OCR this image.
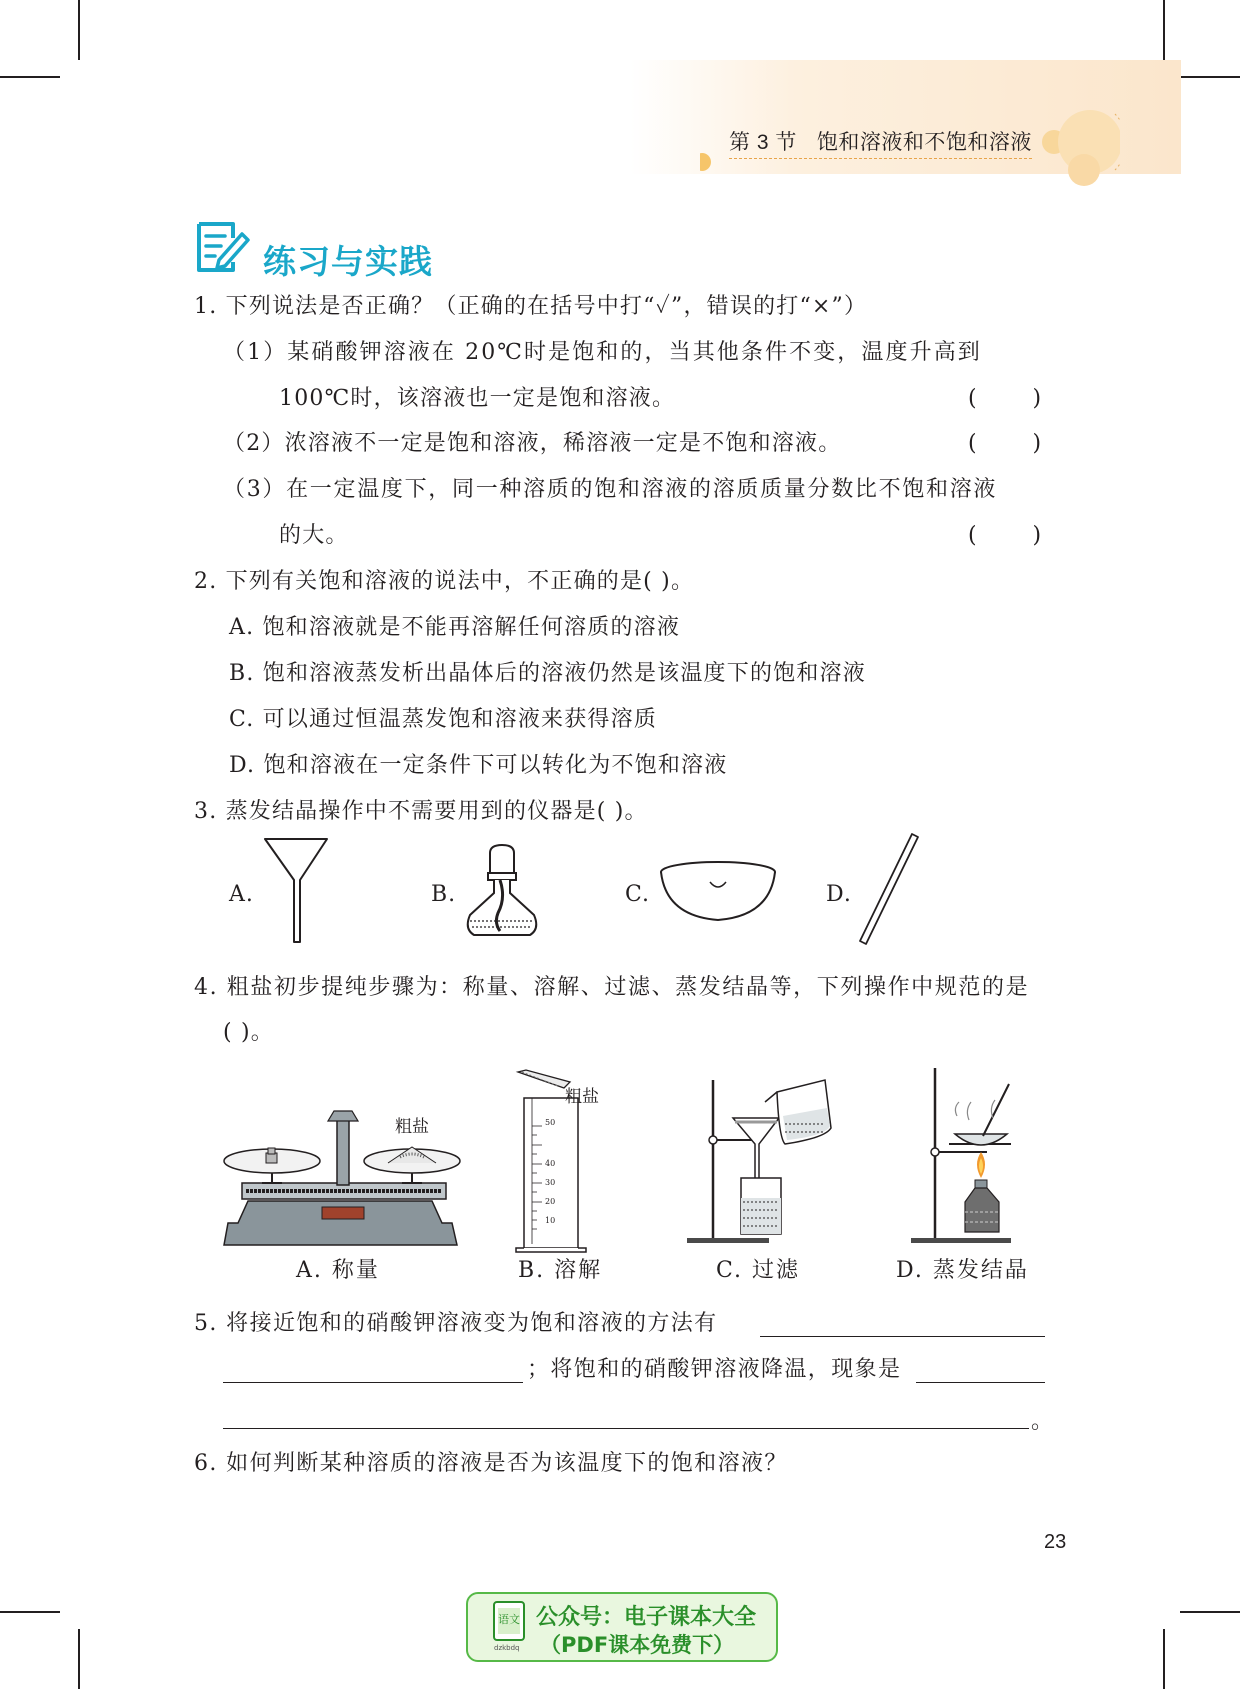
第 3 节 饱和溶液和不饱和溶液
练习与实践
1. 下列说法是否正确？（正确的在括号中打“✓”，错误的打“×”）
（1）某硝酸钾溶液在 20℃时是饱和的，当其他条件不变，温度升高到
100℃时，该溶液也一定是饱和溶液。	(        )
（2）浓溶液不一定是饱和溶液，稀溶液一定是不饱和溶液。	(        )
（3）在一定温度下，同一种溶质的饱和溶液的溶质质量分数比不饱和溶液
的大。	(        )
2. 下列有关饱和溶液的说法中，不正确的是( )。
A. 饱和溶液就是不能再溶解任何溶质的溶液
B. 饱和溶液蒸发析出晶体后的溶液仍然是该温度下的饱和溶液
C. 可以通过恒温蒸发饱和溶液来获得溶质
D. 饱和溶液在一定条件下可以转化为不饱和溶液
3. 蒸发结晶操作中不需要用到的仪器是( )。
A.	B.	C.	D.
4. 粗盐初步提纯步骤为：称量、溶解、过滤、蒸发结晶等，下列操作中规范的是
( )。
粗盐	50
40
30
20
10
粗盐
A. 称量	B. 溶解	C. 过滤	D. 蒸发结晶
5. 将接近饱和的硝酸钾溶液变为饱和溶液的方法有
；将饱和的硝酸钾溶液降温，现象是
。
6. 如何判断某种溶质的溶液是否为该温度下的饱和溶液？
23
语文
dzkbdq
公众号：电子课本大全
（PDF课本免费下）
